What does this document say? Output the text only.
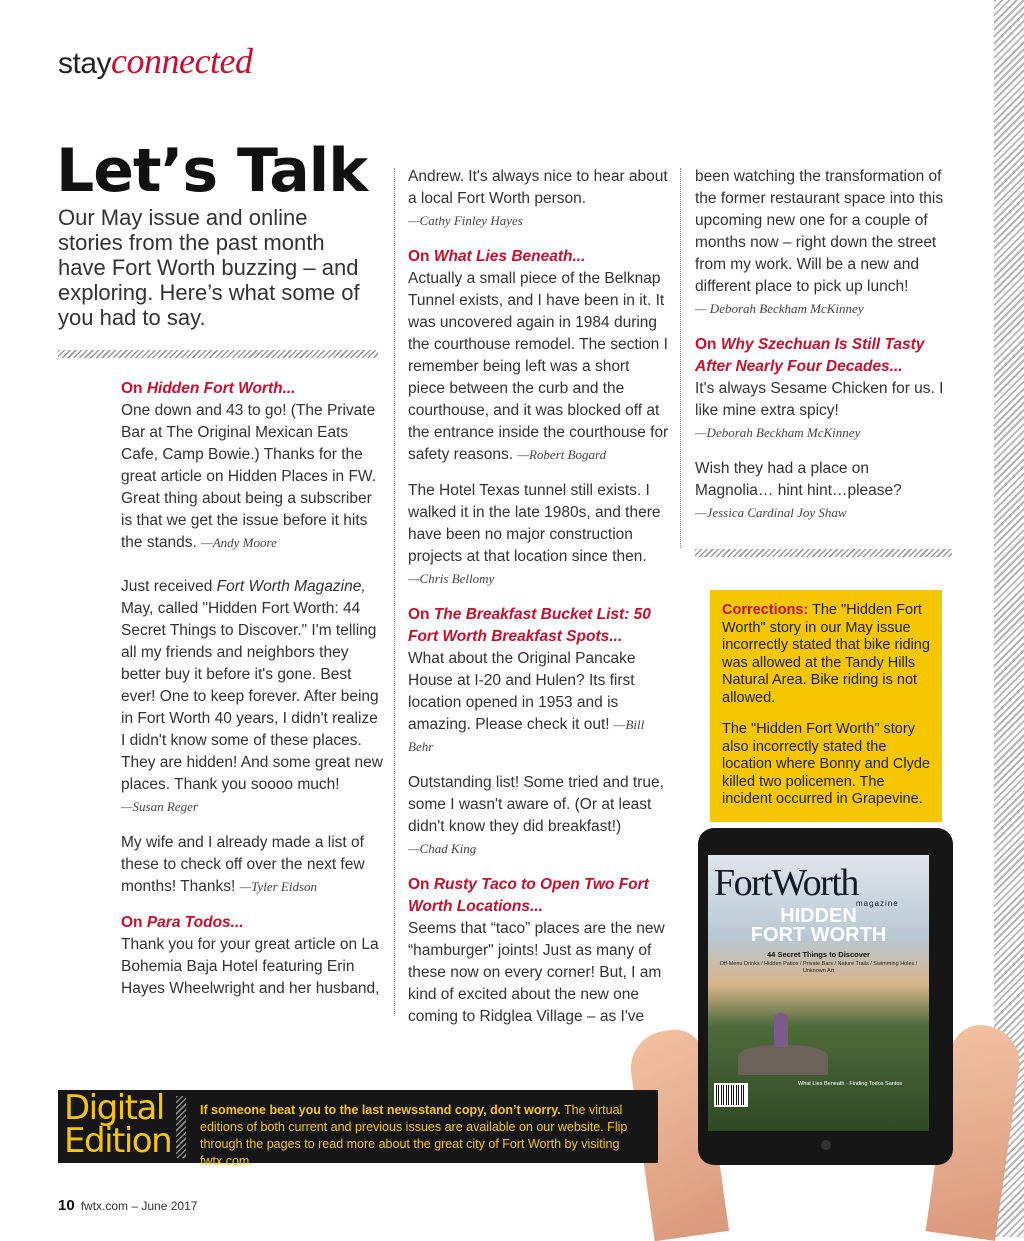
stayconnected
Let’s Talk
Our May issue and online stories from the past month have Fort Worth buzzing – and exploring. Here’s what some of you had to say.

On Hidden Fort Worth...
One down and 43 to go! (The Private Bar at The Original Mexican Eats Cafe, Camp Bowie.) Thanks for the great article on Hidden Places in FW. Great thing about being a subscriber is that we get the issue before it hits the stands. —Andy Moore

Just received Fort Worth Magazine, May, called "Hidden Fort Worth: 44 Secret Things to Discover." I'm telling all my friends and neighbors they better buy it before it's gone. Best ever! One to keep forever. After being in Fort Worth 40 years, I didn't realize I didn't know some of these places. They are hidden! And some great new places. Thank you soooo much!
—Susan Reger

My wife and I already made a list of these to check off over the next few months! Thanks! —Tyler Eidson

On Para Todos...
Thank you for your great article on La Bohemia Baja Hotel featuring Erin Hayes Wheelwright and her husband,

Andrew. It's always nice to hear about a local Fort Worth person.
—Cathy Finley Hayes

On What Lies Beneath...
Actually a small piece of the Belknap Tunnel exists, and I have been in it. It was uncovered again in 1984 during the courthouse remodel. The section I remember being left was a short piece between the curb and the courthouse, and it was blocked off at the entrance inside the courthouse for safety reasons. —Robert Bogard

The Hotel Texas tunnel still exists. I walked it in the late 1980s, and there have been no major construction projects at that location since then.
—Chris Bellomy

On The Breakfast Bucket List: 50 Fort Worth Breakfast Spots...
What about the Original Pancake House at I-20 and Hulen? Its first location opened in 1953 and is amazing. Please check it out! —Bill Behr

Outstanding list! Some tried and true, some I wasn't aware of. (Or at least didn't know they did breakfast!)
—Chad King

On Rusty Taco to Open Two Fort Worth Locations...
Seems that “taco” places are the new “hamburger" joints! Just as many of these now on every corner! But, I am kind of excited about the new one coming to Ridglea Village – as I've

been watching the transformation of the former restaurant space into this upcoming new one for a couple of months now – right down the street from my work. Will be a new and different place to pick up lunch!
— Deborah Beckham McKinney

On Why Szechuan Is Still Tasty After Nearly Four Decades...
It's always Sesame Chicken for us. I like mine extra spicy!
—Deborah Beckham McKinney

Wish they had a place on Magnolia… hint hint…please?
—Jessica Cardinal Joy Shaw

Corrections: The "Hidden Fort Worth" story in our May issue incorrectly stated that bike riding was allowed at the Tandy Hills Natural Area. Bike riding is not allowed.

The "Hidden Fort Worth" story also incorrectly stated the location where Bonny and Clyde killed two policemen. The incident occurred in Grapevine.

FortWorth
magazine
HIDDEN
FORT WORTH
44 Secret Things to Discover
Off-Menu Drinks / Hidden Patios / Private Bars / Nature Trails / Swimming Holes / Unknown Art
What Lies Beneath · Finding Todos Santos
Digital
Edition
If someone beat you to the last newsstand copy, don’t worry. The virtual editions of both current and previous issues are available on our website. Flip through the pages to read more about the great city of Fort Worth by visiting fwtx.com.
10 fwtx.com – June 2017
